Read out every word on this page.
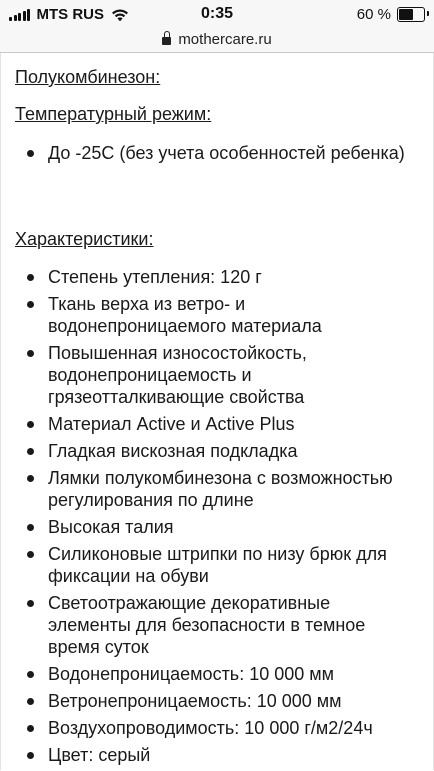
MTS RUS	0:35	60 %
mothercare.ru
Полукомбинезон:
Температурный режим:
До -25С (без учета особенностей ребенка)
Характеристики:
Степень утепления: 120 г
Ткань верха из ветро- и водонепроницаемого материала
Повышенная износостойкость, водонепроницаемость и грязеотталкивающие свойства
Материал Active и Active Plus
Гладкая вискозная подкладка
Лямки полукомбинезона с возможностью регулирования по длине
Высокая талия
Силиконовые штрипки по низу брюк для фиксации на обуви
Светоотражающие декоративные элементы для безопасности в темное время суток
Водонепроницаемость: 10 000 мм
Ветронепроницаемость: 10 000 мм
Воздухопроводимость: 10 000 г/м2/24ч
Цвет: серый
